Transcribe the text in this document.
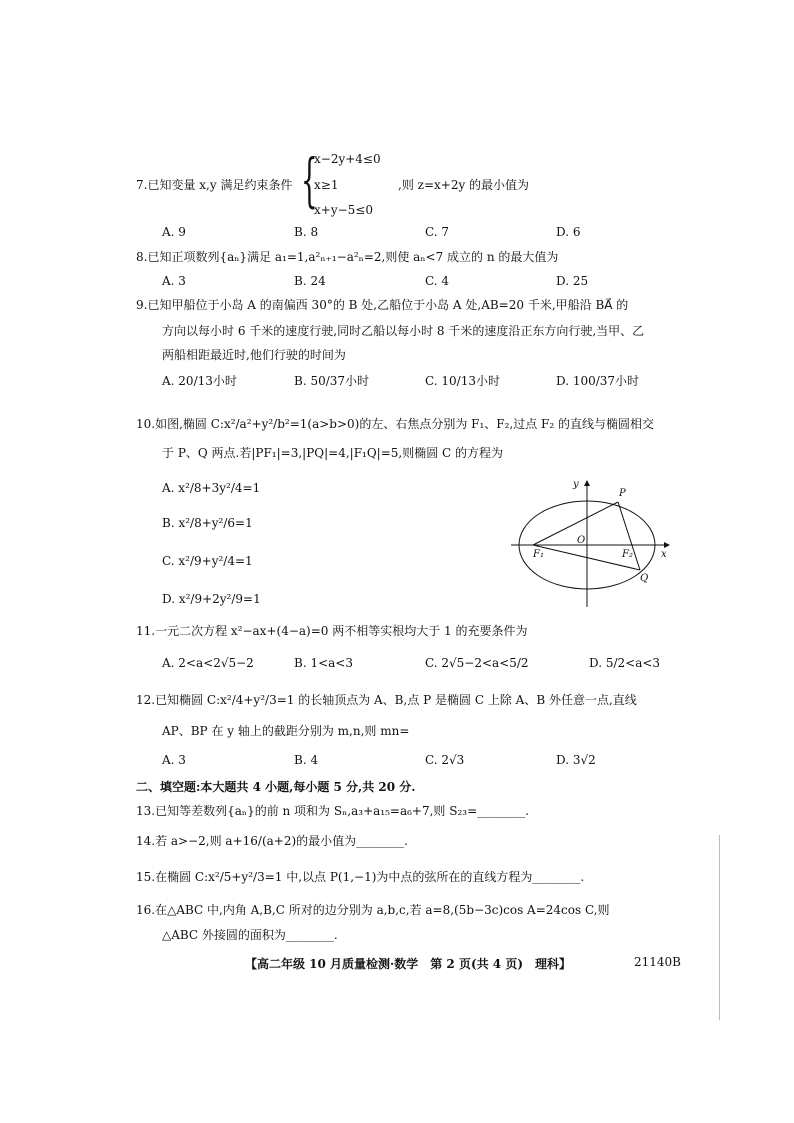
7.已知变量 x,y 满足约束条件 {
x−2y+4≤0
x≥1
x+y−5≤0
,则 z=x+2y 的最小值为
A. 9	B. 8	C. 7	D. 6
8.已知正项数列{aₙ}满足 a₁=1,a²ₙ₊₁−a²ₙ=2,则使 aₙ<7 成立的 n 的最大值为
A. 3	B. 24	C. 4	D. 25
9.已知甲船位于小岛 A 的南偏西 30°的 B 处,乙船位于小岛 A 处,AB=20 千米,甲船沿 BA⃗ 的
方向以每小时 6 千米的速度行驶,同时乙船以每小时 8 千米的速度沿正东方向行驶,当甲、乙
两船相距最近时,他们行驶的时间为
A. 20/13小时	B. 50/37小时	C. 10/13小时	D. 100/37小时
10.如图,椭圆 C:x²/a²+y²/b²=1(a>b>0)的左、右焦点分别为 F₁、F₂,过点 F₂ 的直线与椭圆相交
于 P、Q 两点.若|PF₁|=3,|PQ|=4,|F₁Q|=5,则椭圆 C 的方程为
A. x²/8+3y²/4=1
B. x²/8+y²/6=1
C. x²/9+y²/4=1
D. x²/9+2y²/9=1
y
x
P
O
F₁	F₂
Q
11.一元二次方程 x²−ax+(4−a)=0 两不相等实根均大于 1 的充要条件为
A. 2<a<2√5−2	B. 1<a<3	C. 2√5−2<a<5/2	D. 5/2<a<3
12.已知椭圆 C:x²/4+y²/3=1 的长轴顶点为 A、B,点 P 是椭圆 C 上除 A、B 外任意一点,直线
AP、BP 在 y 轴上的截距分别为 m,n,则 mn=
A. 3	B. 4	C. 2√3	D. 3√2
二、填空题:本大题共 4 小题,每小题 5 分,共 20 分.
13.已知等差数列{aₙ}的前 n 项和为 Sₙ,a₃+a₁₅=a₆+7,则 S₂₃=________.
14.若 a>−2,则 a+16/(a+2)的最小值为________.
15.在椭圆 C:x²/5+y²/3=1 中,以点 P(1,−1)为中点的弦所在的直线方程为________.
16.在△ABC 中,内角 A,B,C 所对的边分别为 a,b,c,若 a=8,(5b−3c)cos A=24cos C,则
△ABC 外接圆的面积为________.
【高二年级 10 月质量检测·数学　第 2 页(共 4 页)　理科】	21140B
